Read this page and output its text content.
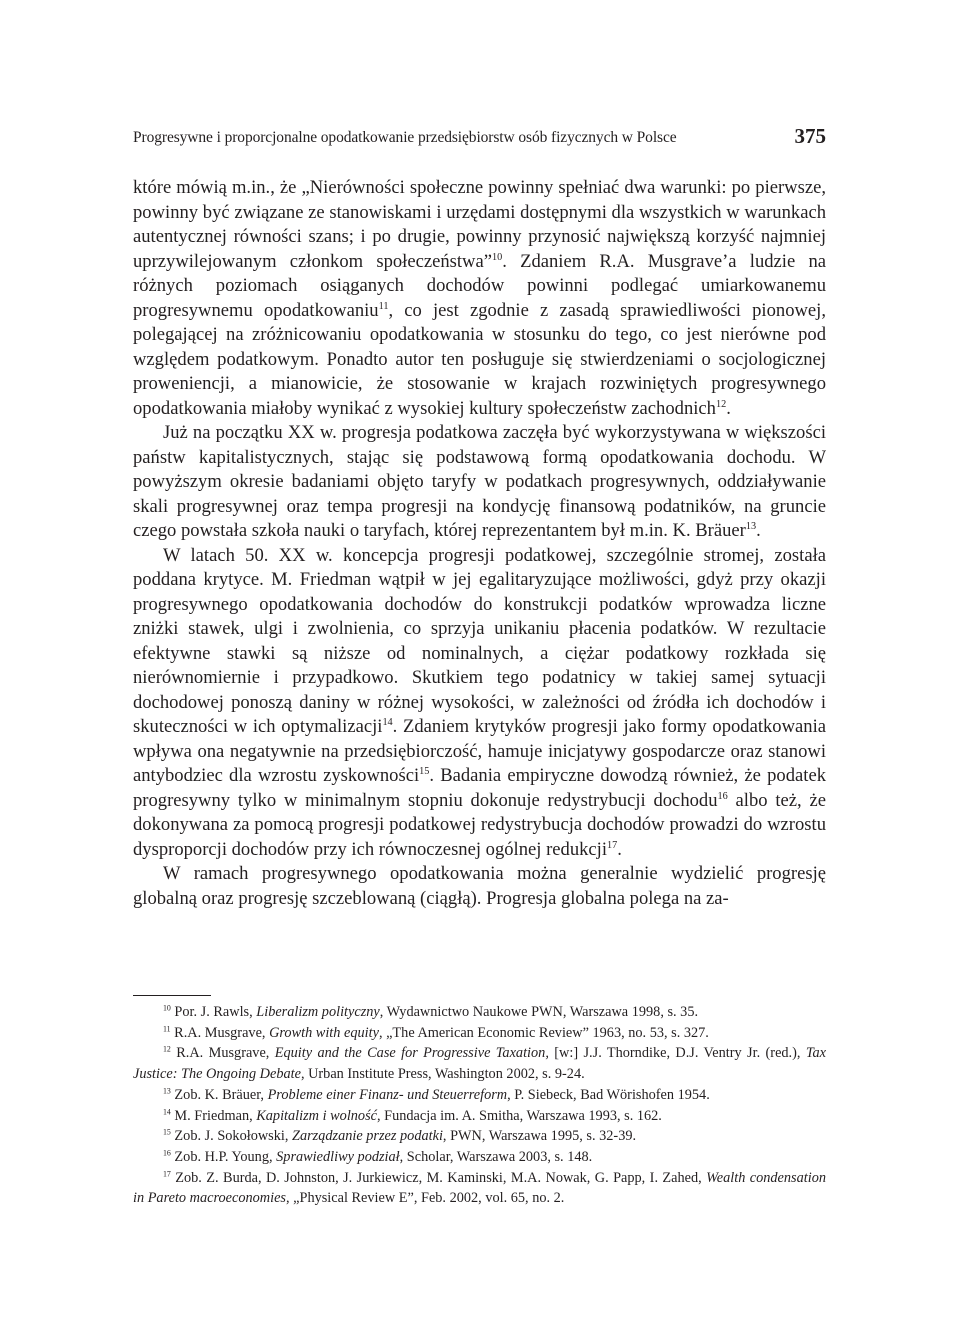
Progresywne i proporcjonalne opodatkowanie przedsiębiorstw osób fizycznych w Polsce	375

które mówią m.in., że „Nierówności społeczne powinny spełniać dwa warunki: po pierwsze, powinny być związane ze stanowiskami i urzędami dostępnymi dla wszystkich w warunkach autentycznej równości szans; i po drugie, powinny przynosić największą korzyść najmniej uprzywilejowanym członkom społeczeństwa”$^{10}$. Zdaniem R.A. Musgrave’a ludzie na różnych poziomach osiąganych dochodów powinni podlegać umiarkowanemu progresywnemu opodatkowaniu$^{11}$, co jest zgodnie z zasadą sprawiedliwości pionowej, polegającej na zróżnicowaniu opodatkowania w stosunku do tego, co jest nierówne pod względem podatkowym. Ponadto autor ten posługuje się stwierdzeniami o socjologicznej proweniencji, a mianowicie, że stosowanie w krajach rozwiniętych progresywnego opodatkowania miałoby wynikać z wysokiej kultury społeczeństw zachodnich$^{12}$.

Już na początku XX w. progresja podatkowa zaczęła być wykorzystywana w większości państw kapitalistycznych, stając się podstawową formą opodatkowania dochodu. W powyższym okresie badaniami objęto taryfy w podatkach progresywnych, oddziaływanie skali progresywnej oraz tempa progresji na kondycję finansową podatników, na gruncie czego powstała szkoła nauki o taryfach, której reprezentantem był m.in. K. Bräuer$^{13}$.

W latach 50. XX w. koncepcja progresji podatkowej, szczególnie stromej, została poddana krytyce. M. Friedman wątpił w jej egalitaryzujące możliwości, gdyż przy okazji progresywnego opodatkowania dochodów do konstrukcji podatków wprowadza liczne zniżki stawek, ulgi i zwolnienia, co sprzyja unikaniu płacenia podatków. W rezultacie efektywne stawki są niższe od nominalnych, a ciężar podatkowy rozkłada się nierównomiernie i przypadkowo. Skutkiem tego podatnicy w takiej samej sytuacji dochodowej ponoszą daniny w różnej wysokości, w zależności od źródła ich dochodów i skuteczności w ich optymalizacji$^{14}$. Zdaniem krytyków progresji jako formy opodatkowania wpływa ona negatywnie na przedsiębiorczość, hamuje inicjatywy gospodarcze oraz stanowi antybodziec dla wzrostu zyskowności$^{15}$. Badania empiryczne dowodzą również, że podatek progresywny tylko w minimalnym stopniu dokonuje redystrybucji dochodu$^{16}$ albo też, że dokonywana za pomocą progresji podatkowej redystrybucja dochodów prowadzi do wzrostu dysproporcji dochodów przy ich równoczesnej ogólnej redukcji$^{17}$.

W ramach progresywnego opodatkowania można generalnie wydzielić progresję globalną oraz progresję szczeblowaną (ciągłą). Progresja globalna polega na za-

$^{10}$ Por. J. Rawls, Liberalizm polityczny, Wydawnictwo Naukowe PWN, Warszawa 1998, s. 35.

$^{11}$ R.A. Musgrave, Growth with equity, „The American Economic Review” 1963, no. 53, s. 327.

$^{12}$ R.A. Musgrave, Equity and the Case for Progressive Taxation, [w:] J.J. Thorndike, D.J. Ventry Jr. (red.), Tax Justice: The Ongoing Debate, Urban Institute Press, Washington 2002, s. 9-24.

$^{13}$ Zob. K. Bräuer, Probleme einer Finanz- und Steuerreform, P. Siebeck, Bad Wörishofen 1954.

$^{14}$ M. Friedman, Kapitalizm i wolność, Fundacja im. A. Smitha, Warszawa 1993, s. 162.

$^{15}$ Zob. J. Sokołowski, Zarządzanie przez podatki, PWN, Warszawa 1995, s. 32-39.

$^{16}$ Zob. H.P. Young, Sprawiedliwy podział, Scholar, Warszawa 2003, s. 148.

$^{17}$ Zob. Z. Burda, D. Johnston, J. Jurkiewicz, M. Kaminski, M.A. Nowak, G. Papp, I. Zahed, Wealth condensation in Pareto macroeconomies, „Physical Review E”, Feb. 2002, vol. 65, no. 2.
